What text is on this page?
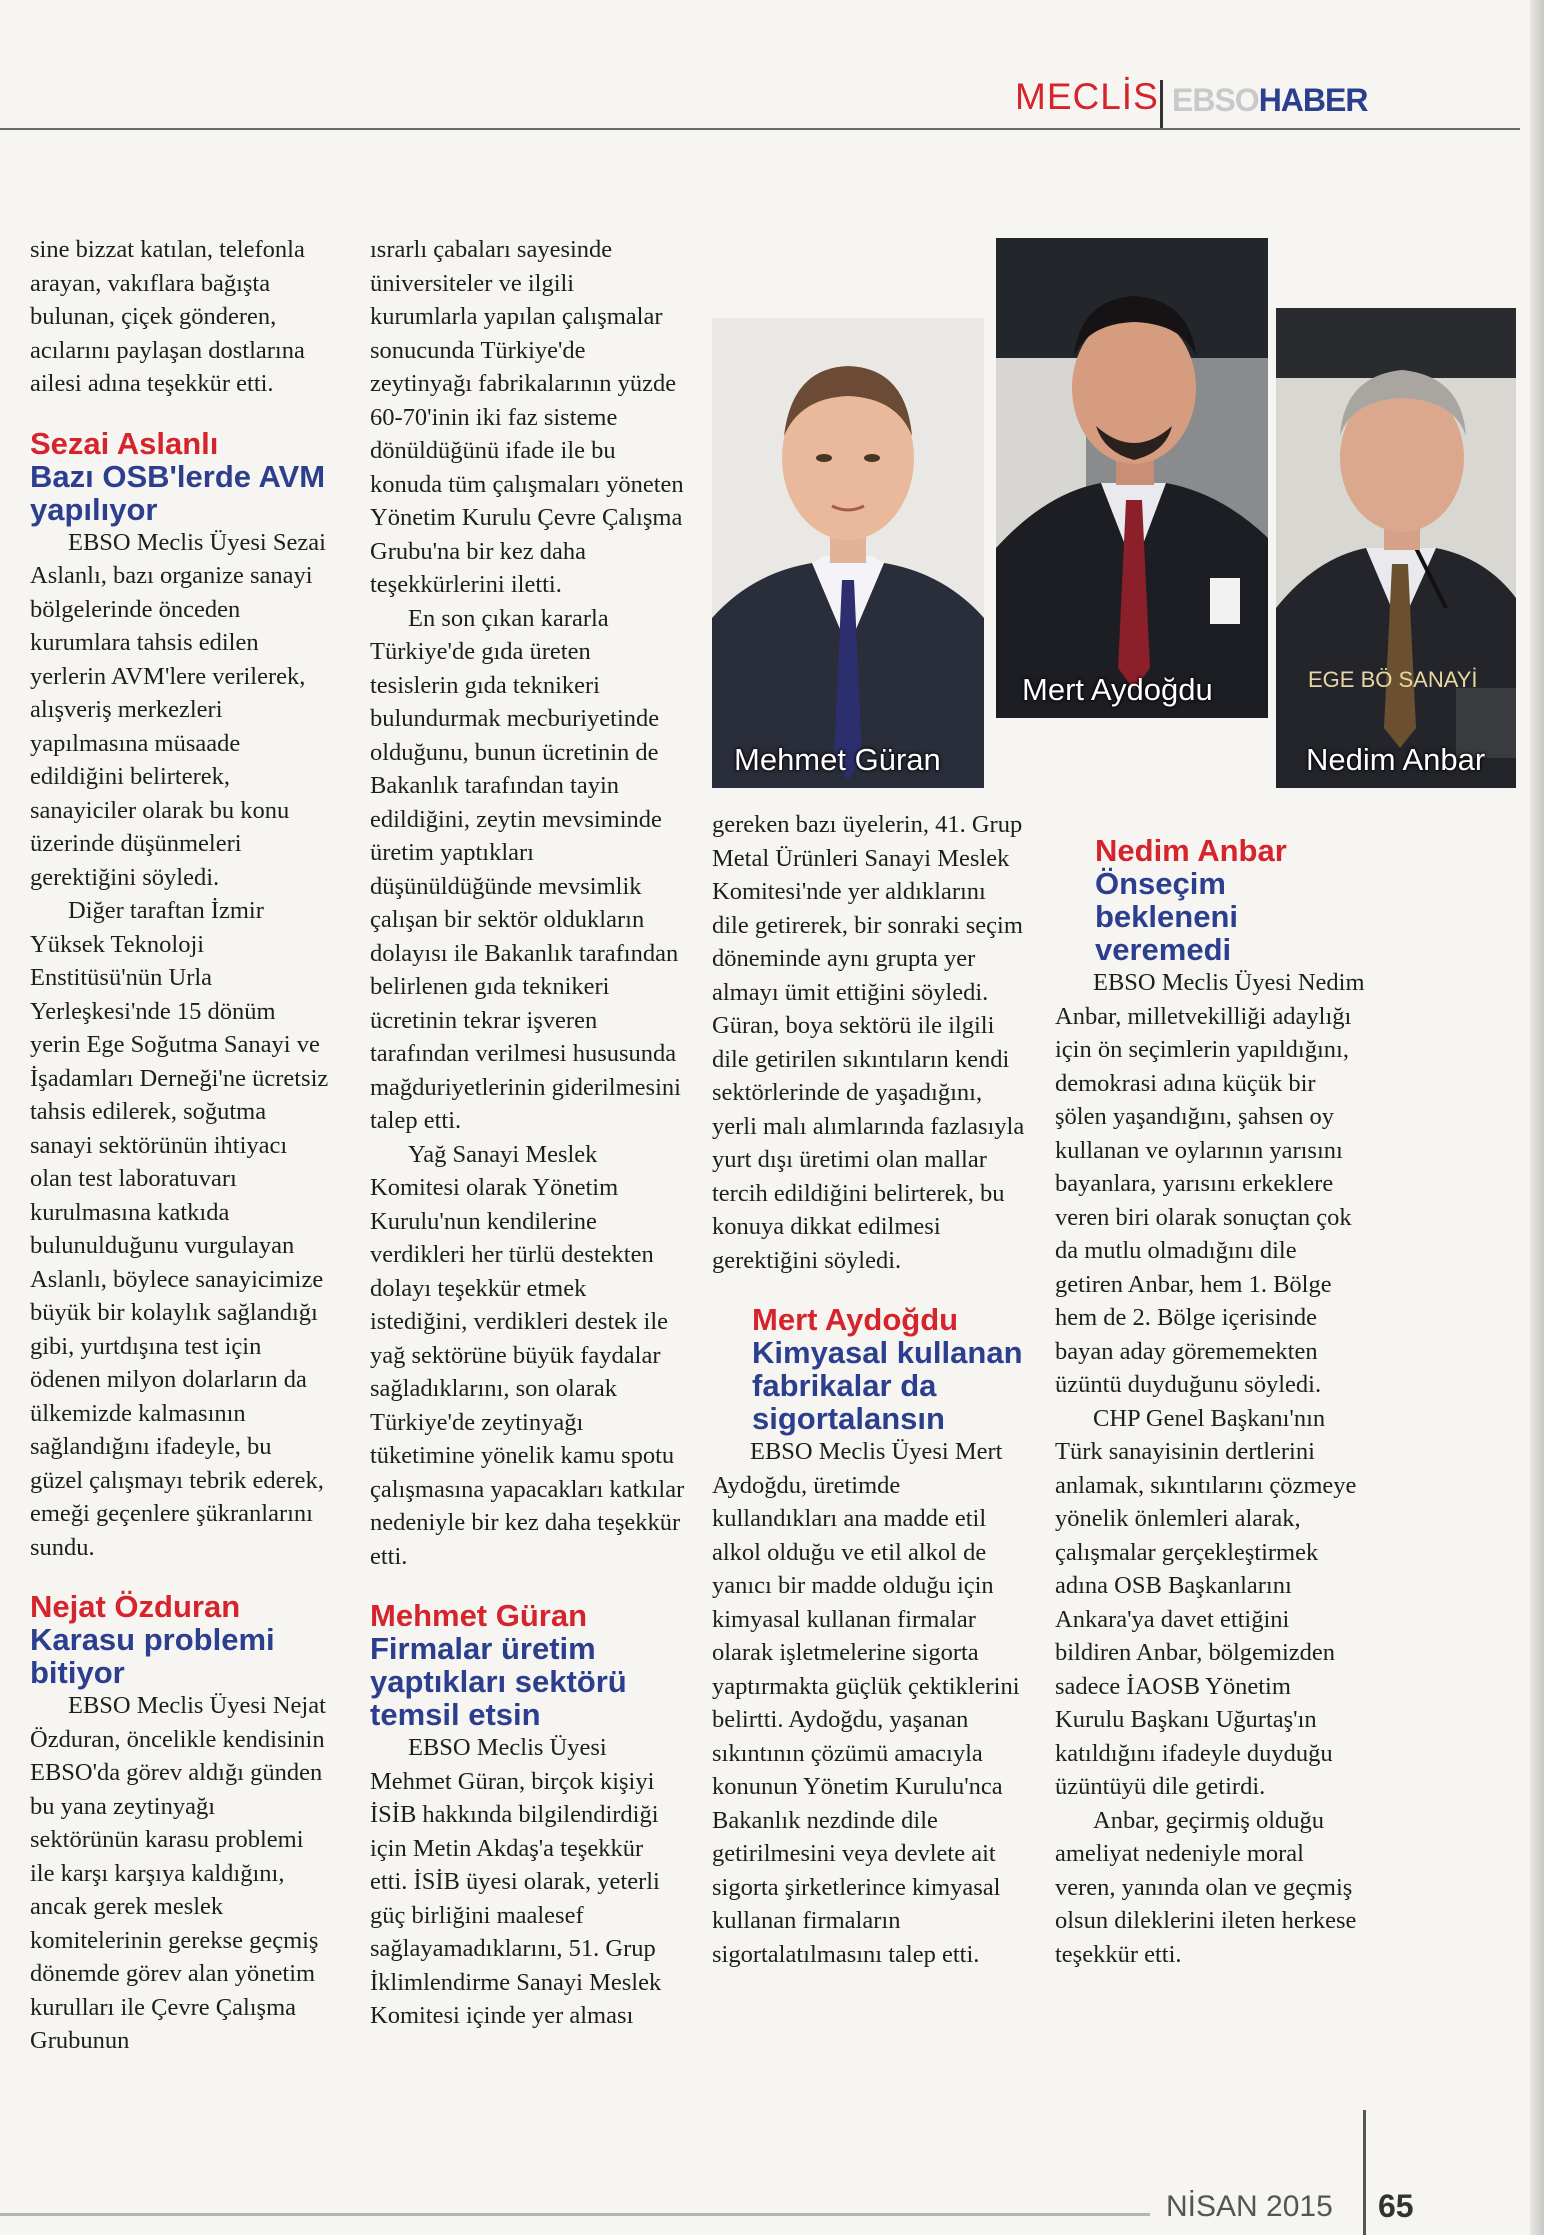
MECLİS EBSOHABER

sine bizzat katılan, telefonla arayan, vakıflara bağışta bulunan, çiçek gönderen, acılarını paylaşan dostlarına ailesi adına teşekkür etti.

Sezai Aslanlı
Bazı OSB'lerde AVM yapılıyor

EBSO Meclis Üyesi Sezai Aslanlı, bazı organize sanayi bölgelerinde önceden kurumlara tahsis edilen yerlerin AVM'lere verilerek, alışveriş merkezleri yapılmasına müsaade edildiğini belirterek, sanayiciler olarak bu konu üzerinde düşünmeleri gerektiğini söyledi.

Diğer taraftan İzmir Yüksek Teknoloji Enstitüsü'nün Urla Yerleşkesi'nde 15 dönüm yerin Ege Soğutma Sanayi ve İşadamları Derneği'ne ücretsiz tahsis edilerek, soğutma sanayi sektörünün ihtiyacı olan test laboratuvarı kurulmasına katkıda bulunulduğunu vurgulayan Aslanlı, böylece sanayicimize büyük bir kolaylık sağlandığı gibi, yurtdışına test için ödenen milyon dolarların da ülkemizde kalmasının sağlandığını ifadeyle, bu güzel çalışmayı tebrik ederek, emeği geçenlere şükranlarını sundu.

Nejat Özduran
Karasu problemi bitiyor

EBSO Meclis Üyesi Nejat Özduran, öncelikle kendisinin EBSO'da görev aldığı günden bu yana zeytinyağı sektörünün karasu problemi ile karşı karşıya kaldığını, ancak gerek meslek komitelerinin gerekse geçmiş dönemde görev alan yönetim kurulları ile Çevre Çalışma Grubunun

ısrarlı çabaları sayesinde üniversiteler ve ilgili kurumlarla yapılan çalışmalar sonucunda Türkiye'de zeytinyağı fabrikalarının yüzde 60-70'inin iki faz sisteme dönüldüğünü ifade ile bu konuda tüm çalışmaları yöneten Yönetim Kurulu Çevre Çalışma Grubu'na bir kez daha teşekkürlerini iletti.

En son çıkan kararla Türkiye'de gıda üreten tesislerin gıda teknikeri bulundurmak mecburiyetinde olduğunu, bunun ücretinin de Bakanlık tarafından tayin edildiğini, zeytin mevsiminde üretim yaptıkları düşünüldüğünde mevsimlik çalışan bir sektör oldukların dolayısı ile Bakanlık tarafından belirlenen gıda teknikeri ücretinin tekrar işveren tarafından verilmesi hususunda mağduriyetlerinin giderilmesini talep etti.

Yağ Sanayi Meslek Komitesi olarak Yönetim Kurulu'nun kendilerine verdikleri her türlü destekten dolayı teşekkür etmek istediğini, verdikleri destek ile yağ sektörüne büyük faydalar sağladıklarını, son olarak Türkiye'de zeytinyağı tüketimine yönelik kamu spotu çalışmasına yapacakları katkılar nedeniyle bir kez daha teşekkür etti.

Mehmet Güran
Firmalar üretim yaptıkları sektörü temsil etsin

EBSO Meclis Üyesi Mehmet Güran, birçok kişiyi İSİB hakkında bilgilendirdiği için Metin Akdaş'a teşekkür etti. İSİB üyesi olarak, yeterli güç birliğini maalesef sağlayamadıklarını, 51. Grup İklimlendirme Sanayi Meslek Komitesi içinde yer alması

Mehmet Güran
Mert Aydoğdu	EGE BÖ SANAYİ
Nedim Anbar

gereken bazı üyelerin, 41. Grup Metal Ürünleri Sanayi Meslek Komitesi'nde yer aldıklarını dile getirerek, bir sonraki seçim döneminde aynı grupta yer almayı ümit ettiğini söyledi. Güran, boya sektörü ile ilgili dile getirilen sıkıntıların kendi sektörlerinde de yaşadığını, yerli malı alımlarında fazlasıyla yurt dışı üretimi olan mallar tercih edildiğini belirterek, bu konuya dikkat edilmesi gerektiğini söyledi.

Mert Aydoğdu
Kimyasal kullanan fabrikalar da sigortalansın

EBSO Meclis Üyesi Mert Aydoğdu, üretimde kullandıkları ana madde etil alkol olduğu ve etil alkol de yanıcı bir madde olduğu için kimyasal kullanan firmalar olarak işletmelerine sigorta yaptırmakta güçlük çektiklerini belirtti. Aydoğdu, yaşanan sıkıntının çözümü amacıyla konunun Yönetim Kurulu'nca Bakanlık nezdinde dile getirilmesini veya devlete ait sigorta şirketlerince kimyasal kullanan firmaların sigortalatılmasını talep etti.

Nedim Anbar
Önseçim bekleneni veremedi

EBSO Meclis Üyesi Nedim Anbar, milletvekilliği adaylığı için ön seçimlerin yapıldığını, demokrasi adına küçük bir şölen yaşandığını, şahsen oy kullanan ve oylarının yarısını bayanlara, yarısını erkeklere veren biri olarak sonuçtan çok da mutlu olmadığını dile getiren Anbar, hem 1. Bölge hem de 2. Bölge içerisinde bayan aday görememekten üzüntü duyduğunu söyledi.

CHP Genel Başkanı'nın Türk sanayisinin dertlerini anlamak, sıkıntılarını çözmeye yönelik önlemleri alarak, çalışmalar gerçekleştirmek adına OSB Başkanlarını Ankara'ya davet ettiğini bildiren Anbar, bölgemizden sadece İAOSB Yönetim Kurulu Başkanı Uğurtaş'ın katıldığını ifadeyle duyduğu üzüntüyü dile getirdi.

Anbar, geçirmiş olduğu ameliyat nedeniyle moral veren, yanında olan ve geçmiş olsun dileklerini ileten herkese teşekkür etti.

NİSAN 2015 65
